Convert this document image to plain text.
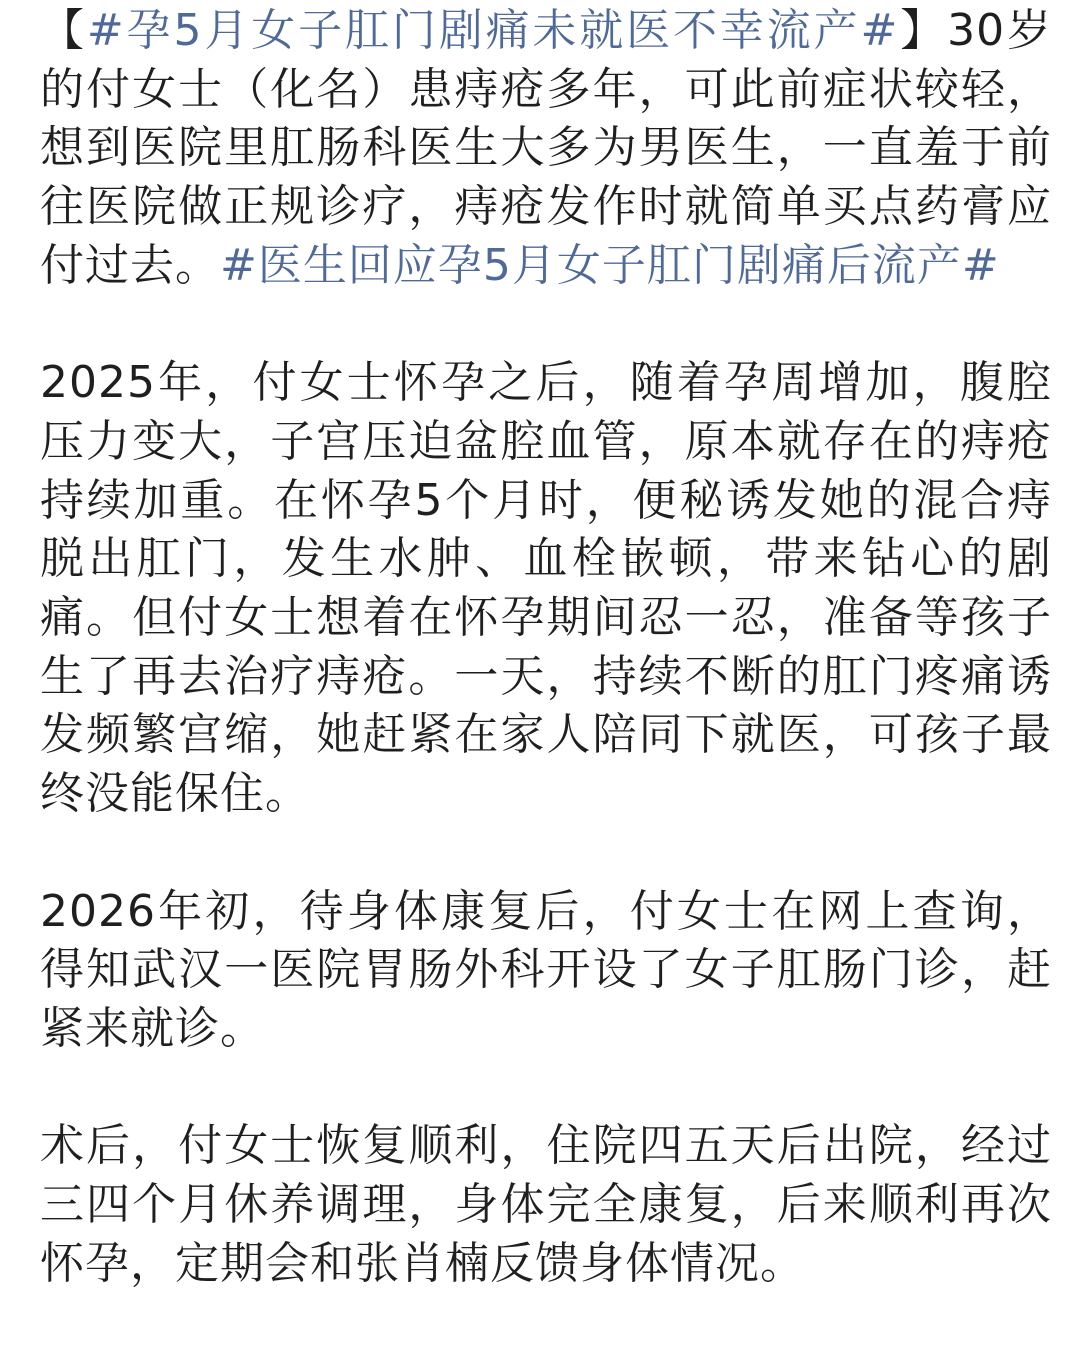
【#孕5月女子肛门剧痛未就医不幸流产#】30岁的付女士（化名）患痔疮多年，可此前症状较轻，想到医院里肛肠科医生大多为男医生，一直羞于前往医院做正规诊疗，痔疮发作时就简单买点药膏应付过去。#医生回应孕5月女子肛门剧痛后流产#

2025年，付女士怀孕之后，随着孕周增加，腹腔压力变大，子宫压迫盆腔血管，原本就存在的痔疮持续加重。在怀孕5个月时，便秘诱发她的混合痔脱出肛门，发生水肿、血栓嵌顿，带来钻心的剧痛。但付女士想着在怀孕期间忍一忍，准备等孩子生了再去治疗痔疮。一天，持续不断的肛门疼痛诱发频繁宫缩，她赶紧在家人陪同下就医，可孩子最终没能保住。

2026年初，待身体康复后，付女士在网上查询，得知武汉一医院胃肠外科开设了女子肛肠门诊，赶紧来就诊。

术后，付女士恢复顺利，住院四五天后出院，经过三四个月休养调理，身体完全康复，后来顺利再次怀孕，定期会和张肖楠反馈身体情况。
